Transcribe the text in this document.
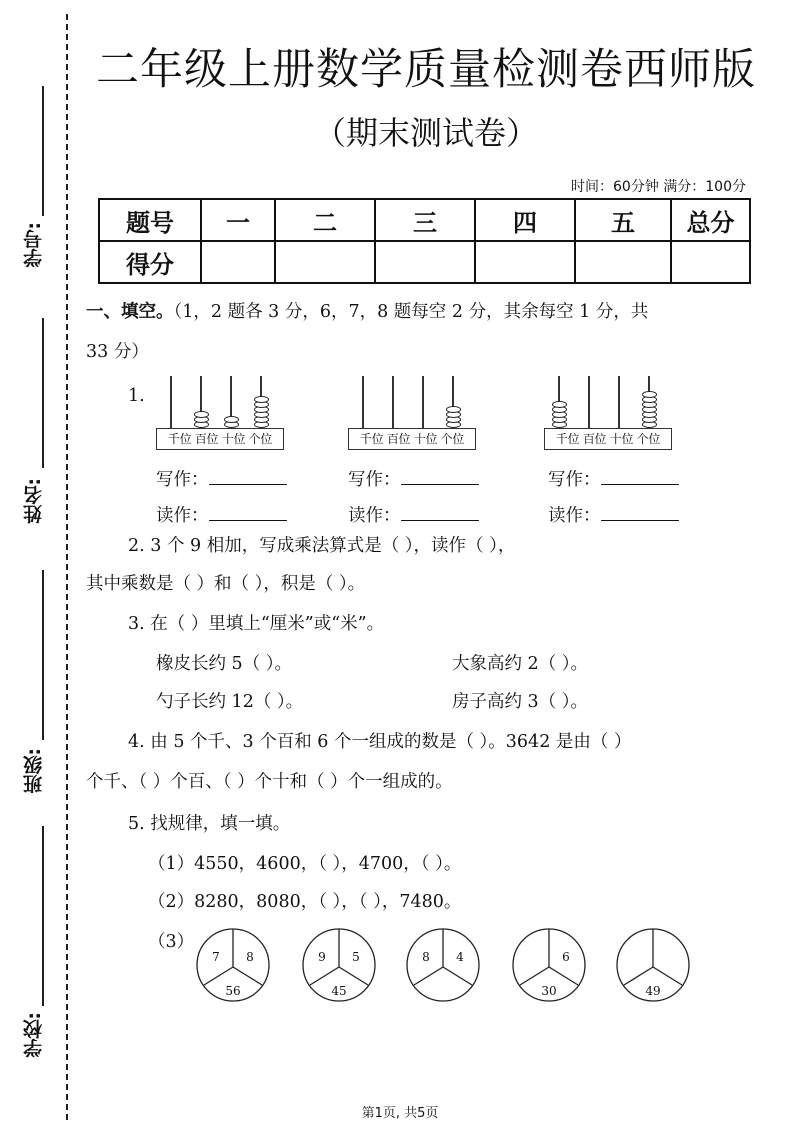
学号:
姓名:
班级:
学校:
二年级上册数学质量检测卷西师版
（期末测试卷）
时间：60分钟 满分：100分
题号	一	二	三	四	五	总分
得分						
一、填空。（1，2 题各 3 分，6，7，8 题每空 2 分，其余每空 1 分，共
33 分）
1.
千位 百位 十位 个位	千位 百位 十位 个位	千位 百位 十位 个位
写作：	写作：	写作：
读作：	读作：	读作：
2. 3 个 9 相加，写成乘法算式是（ ），读作（ ），
其中乘数是（ ）和（ ），积是（ ）。
3. 在（ ）里填上“厘米”或“米”。
橡皮长约 5（ ）。	大象高约 2（ ）。
勺子长约 12（ ）。	房子高约 3（ ）。
4. 由 5 个千、3 个百和 6 个一组成的数是（ ）。3642 是由（ ）
个千、（ ）个百、（ ）个十和（ ）个一组成的。
5. 找规律，填一填。
（1）4550，4600，（ ），4700，（ ）。
（2）8280，8080，（ ），（ ），7480。
（3）
7	8
56
9	5
45
8	4	6
30	49
第1页, 共5页
